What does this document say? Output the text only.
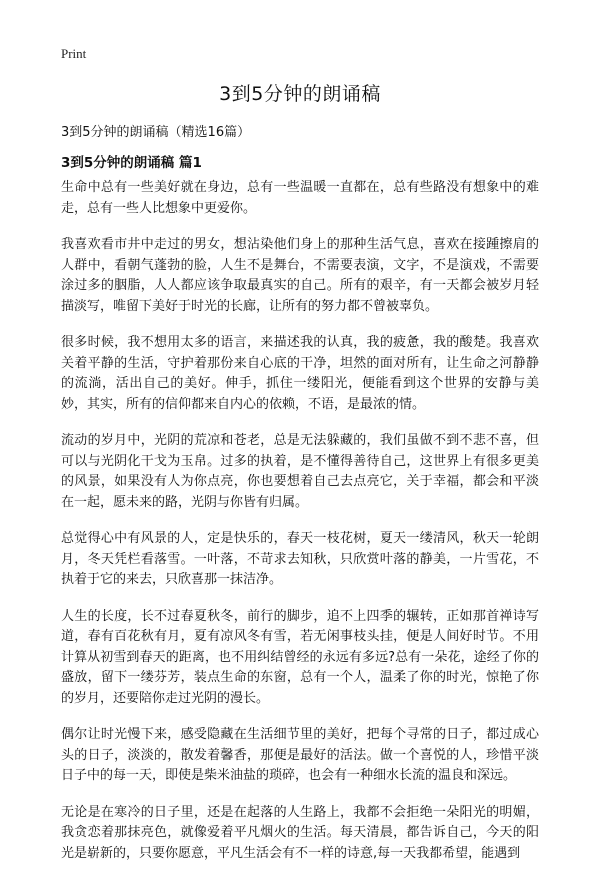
Print
3到5分钟的朗诵稿

3到5分钟的朗诵稿（精选16篇）

3到5分钟的朗诵稿 篇1

生命中总有一些美好就在身边，总有一些温暖一直都在，总有些路没有想象中的难走，总有一些人比想象中更爱你。

我喜欢看市井中走过的男女，想沾染他们身上的那种生活气息，喜欢在接踵擦肩的人群中，看朝气蓬勃的脸，人生不是舞台，不需要表演，文字，不是演戏，不需要涂过多的胭脂，人人都应该争取最真实的自己。所有的艰辛，有一天都会被岁月轻描淡写，唯留下美好于时光的长廊，让所有的努力都不曾被辜负。

很多时候，我不想用太多的语言，来描述我的认真，我的疲惫，我的酸楚。我喜欢关着平静的生活，守护着那份来自心底的干净，坦然的面对所有，让生命之河静静的流淌，活出自己的美好。伸手，抓住一缕阳光，便能看到这个世界的安静与美妙，其实，所有的信仰都来自内心的依赖，不语，是最浓的情。

流动的岁月中，光阴的荒凉和苍老，总是无法躲藏的，我们虽做不到不悲不喜，但可以与光阴化干戈为玉帛。过多的执着，是不懂得善待自己，这世界上有很多更美的风景，如果没有人为你点亮，你也要想着自己去点亮它，关于幸福，都会和平淡在一起，愿未来的路，光阴与你皆有归属。

总觉得心中有风景的人，定是快乐的，春天一枝花树，夏天一缕清风，秋天一轮朗月，冬天凭栏看落雪。一叶落，不苛求去知秋，只欣赏叶落的静美，一片雪花，不执着于它的来去，只欣喜那一抹洁净。

人生的长度，长不过春夏秋冬，前行的脚步，追不上四季的辗转，正如那首禅诗写道，春有百花秋有月，夏有凉风冬有雪，若无闲事枝头挂，便是人间好时节。不用计算从初雪到春天的距离，也不用纠结曾经的永远有多远?总有一朵花，途经了你的盛放，留下一缕芬芳，装点生命的东窗，总有一个人，温柔了你的时光，惊艳了你的岁月，还要陪你走过光阴的漫长。

偶尔让时光慢下来，感受隐藏在生活细节里的美好，把每个寻常的日子，都过成心头的日子，淡淡的，散发着馨香，那便是最好的活法。做一个喜悦的人，珍惜平淡日子中的每一天，即使是柴米油盐的琐碎，也会有一种细水长流的温良和深远。

无论是在寒冷的日子里，还是在起落的人生路上，我都不会拒绝一朵阳光的明媚，我贪恋着那抹亮色，就像爱着平凡烟火的生活。每天清晨，都告诉自己，今天的阳光是崭新的，只要你愿意，平凡生活会有不一样的诗意,每一天我都希望，能遇到
